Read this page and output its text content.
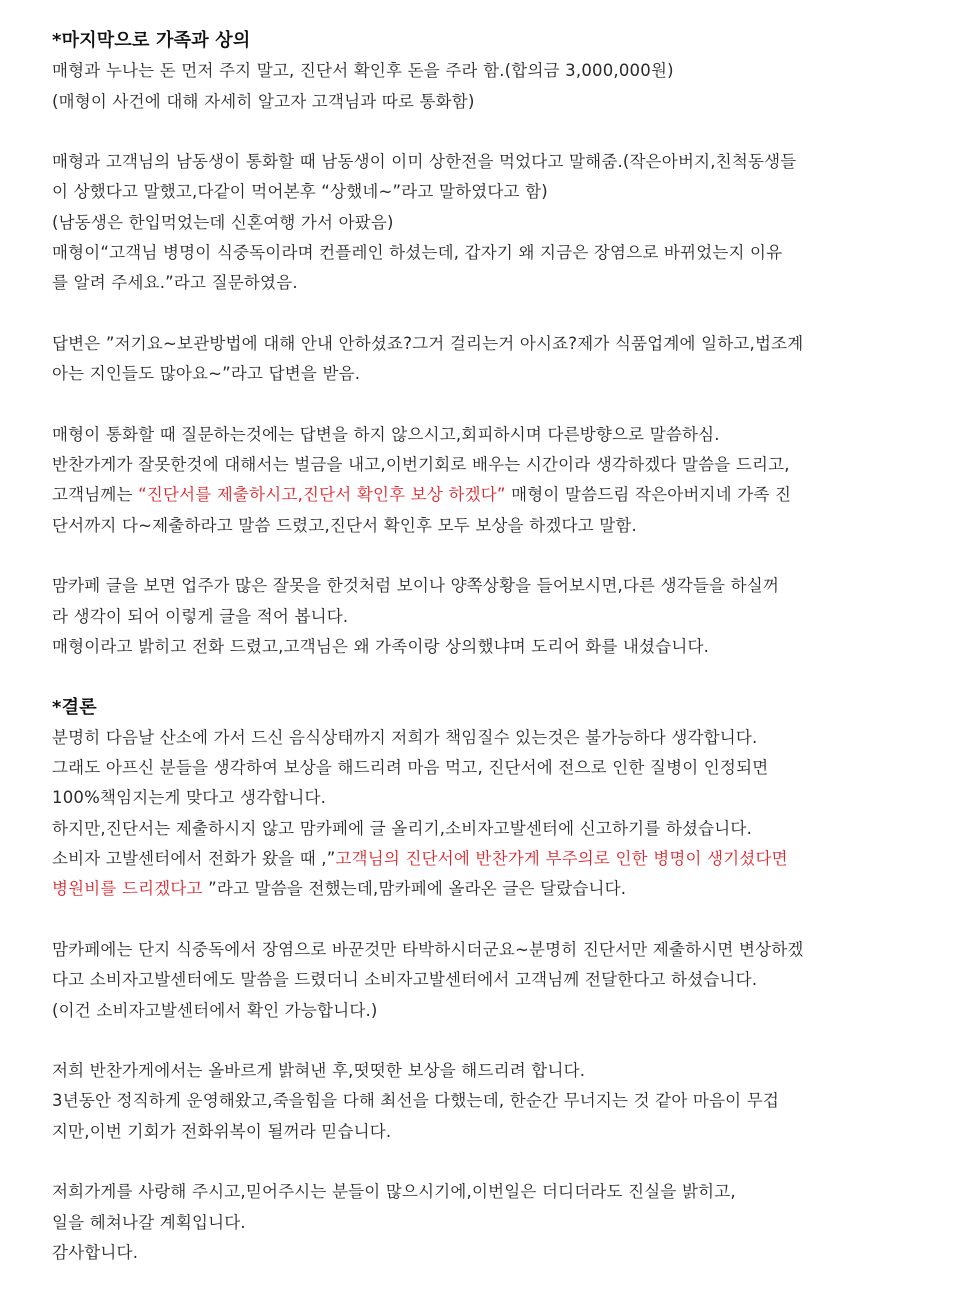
*마지막으로 가족과 상의
매형과 누나는 돈 먼저 주지 말고, 진단서 확인후 돈을 주라 함.(합의금 3,000,000원)
(매형이 사건에 대해 자세히 알고자 고객님과 따로 통화함)
매형과 고객님의 남동생이 통화할 때 남동생이 이미 상한전을 먹었다고 말해줌.(작은아버지,친척동생들
이 상했다고 말했고,다같이 먹어본후 “상했네~”라고 말하였다고 함)
(남동생은 한입먹었는데 신혼여행 가서 아팠음)
매형이“고객님 병명이 식중독이라며 컨플레인 하셨는데, 갑자기 왜 지금은 장염으로 바뀌었는지 이유
를 알려 주세요.”라고 질문하였음.
답변은 ”저기요~보관방법에 대해 안내 안하셨죠?그거 걸리는거 아시죠?제가 식품업계에 일하고,법조계
아는 지인들도 많아요~”라고 답변을 받음.
매형이 통화할 때 질문하는것에는 답변을 하지 않으시고,회피하시며 다른방향으로 말씀하심.
반찬가게가 잘못한것에 대해서는 벌금을 내고,이번기회로 배우는 시간이라 생각하겠다 말씀을 드리고,
고객님께는 “진단서를 제출하시고,진단서 확인후 보상 하겠다” 매형이 말씀드림 작은아버지네 가족 진
단서까지 다~제출하라고 말씀 드렸고,진단서 확인후 모두 보상을 하겠다고 말함.
맘카페 글을 보면 업주가 많은 잘못을 한것처럼 보이나 양쪽상황을 들어보시면,다른 생각들을 하실꺼
라 생각이 되어 이렇게 글을 적어 봅니다.
매형이라고 밝히고 전화 드렸고,고객님은 왜 가족이랑 상의했냐며 도리어 화를 내셨습니다.
*결론
분명히 다음날 산소에 가서 드신 음식상태까지 저희가 책임질수 있는것은 불가능하다 생각합니다.
그래도 아프신 분들을 생각하여 보상을 해드리려 마음 먹고, 진단서에 전으로 인한 질병이 인정되면
100%책임지는게 맞다고 생각합니다.
하지만,진단서는 제출하시지 않고 맘카페에 글 올리기,소비자고발센터에 신고하기를 하셨습니다.
소비자 고발센터에서 전화가 왔을 때 ,”고객님의 진단서에 반찬가게 부주의로 인한 병명이 생기셨다면
병원비를 드리겠다고 ”라고 말씀을 전했는데,맘카페에 올라온 글은 달랐습니다.
맘카페에는 단지 식중독에서 장염으로 바꾼것만 타박하시더군요~분명히 진단서만 제출하시면 변상하겠
다고 소비자고발센터에도 말씀을 드렸더니 소비자고발센터에서 고객님께 전달한다고 하셨습니다.
(이건 소비자고발센터에서 확인 가능합니다.)
저희 반찬가게에서는 올바르게 밝혀낸 후,떳떳한 보상을 해드리려 합니다.
3년동안 정직하게 운영해왔고,죽을힘을 다해 최선을 다했는데, 한순간 무너지는 것 같아 마음이 무겁
지만,이번 기회가 전화위복이 될꺼라 믿습니다.
저희가게를 사랑해 주시고,믿어주시는 분들이 많으시기에,이번일은 더디더라도 진실을 밝히고,
일을 헤쳐나갈 계획입니다.
감사합니다.
